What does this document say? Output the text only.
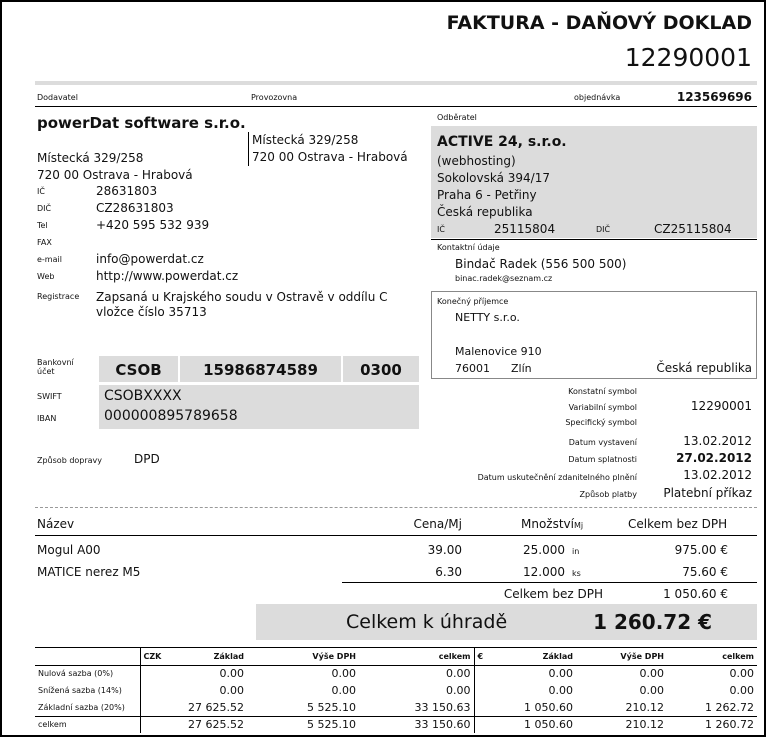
FAKTURA - DAŇOVÝ DOKLAD
12290001
Dodavatel	Provozovna	objednávka	123569696
powerDat software s.r.o.
Místecká 329/258
720 00 Ostrava - Hrabová
IČ	28631803
DIČ	CZ28631803
Tel	+420 595 532 939
FAX
e-mail	info@powerdat.cz
Web	http://www.powerdat.cz
Registrace Zapsaná u Krajského soudu v Ostravě v oddílu C vložce číslo 35713
Místecká 329/258
720 00 Ostrava - Hrabová
Odběratel
ACTIVE 24, s.r.o.
(webhosting)
Sokolovská 394/17
Praha 6 - Petřiny
Česká republika
IČ	25115804	DIČ	CZ25115804
Kontaktní údaje
Bindač Radek (556 500 500)
binac.radek@seznam.cz
Konečný příjemce
NETTY s.r.o.
Malenovice 910
76001 Zlín	Česká republika
Bankovní účet	CSOB	15986874589	0300
SWIFT	CSOBXXXX
IBAN	000000895789658
Způsob dopravy	DPD
Konstatní symbol
Variabilní symbol	12290001
Specifický symbol
Datum vystavení	13.02.2012
Datum splatnosti	27.02.2012
Datum uskutečnění zdanitelného plnění	13.02.2012
Způsob platby Platební příkaz
Název	Cena/Mj	Množství Mj	Celkem bez DPH
Mogul A00	39.00	25.000 in	975.00 €
MATICE nerez M5	6.30	12.000 ks	75.60 €
Celkem bez DPH	1 050.60 €
Celkem k úhradě	1 260.72 €
	CZK	Základ	Výše DPH	celkem	€	Základ	Výše DPH	celkem
Nulová sazba (0%)	0.00		0.00	0.00	0.00		0.00	0.00
Snížená sazba (14%)	0.00		0.00	0.00	0.00		0.00	0.00
Základní sazba (20%)	27 625.52		5 525.10	33 150.63	1 050.60		210.12	1 262.72
celkem	27 625.52		5 525.10	33 150.60	1 050.60		210.12	1 260.72
